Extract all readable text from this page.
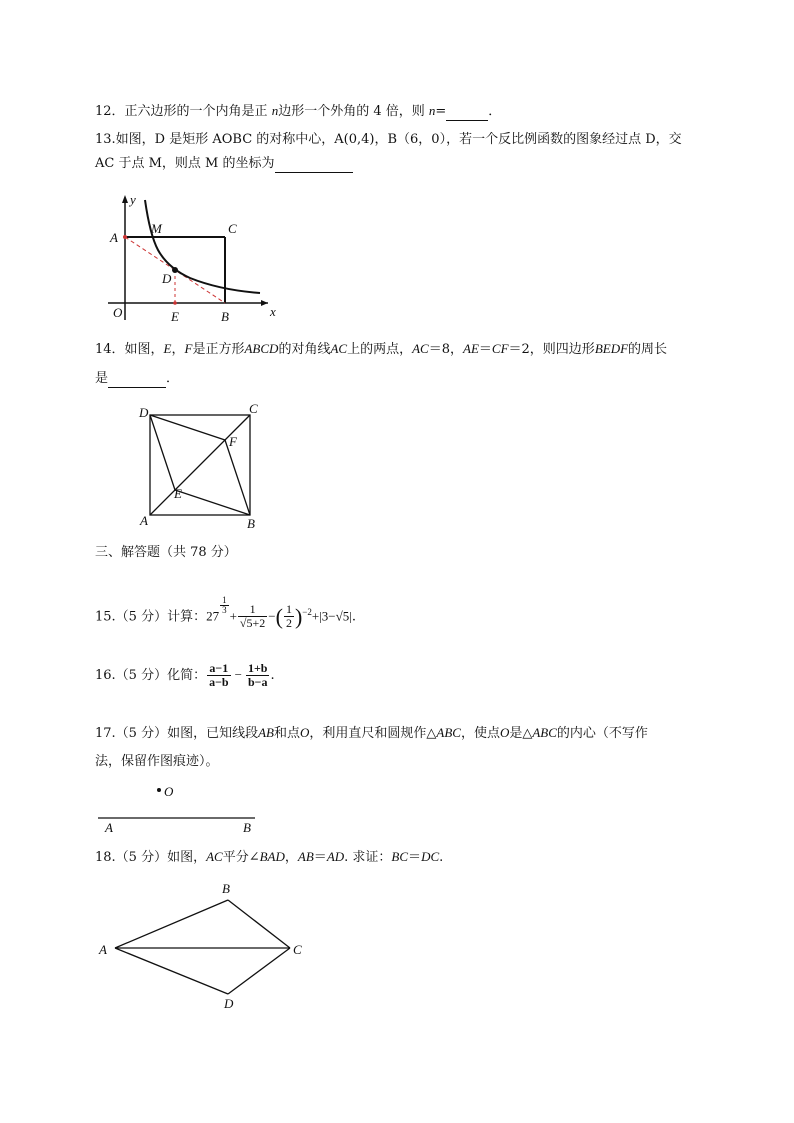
12．正六边形的一个内角是正 n边形一个外角的 4 倍，则 n=	．
13.如图，D 是矩形 AOBC 的对称中心，A(0,4)，B（6，0），若一个反比例函数的图象经过点 D，交
AC 于点 M，则点 M 的坐标为
y
x
A
M	C
D
O	E	B
14．如图，E，F是正方形ABCD的对角线AC上的两点，AC＝8，AE＝CF＝2，则四边形BEDF的周长
是	．
D	C
F
E
A	B
三、解答题（共 78 分）
15.（5 分）计算：27
$\frac{1}{3}$
+ $\frac{1}{√5+2}$ −( $\frac{1}{2} )^{-2}+|3-√5|$.
16.（5 分）化简： $\frac{a-1}{a-b} - \frac{1+b}{b-a}$ .
17.（5 分）如图，已知线段AB和点O，利用直尺和圆规作△ABC，使点O是△ABC的内心（不写作
法，保留作图痕迹）。
O
A	B
18.（5 分）如图，AC平分∠BAD，AB＝AD. 求证：BC＝DC.
B
A	C
D
